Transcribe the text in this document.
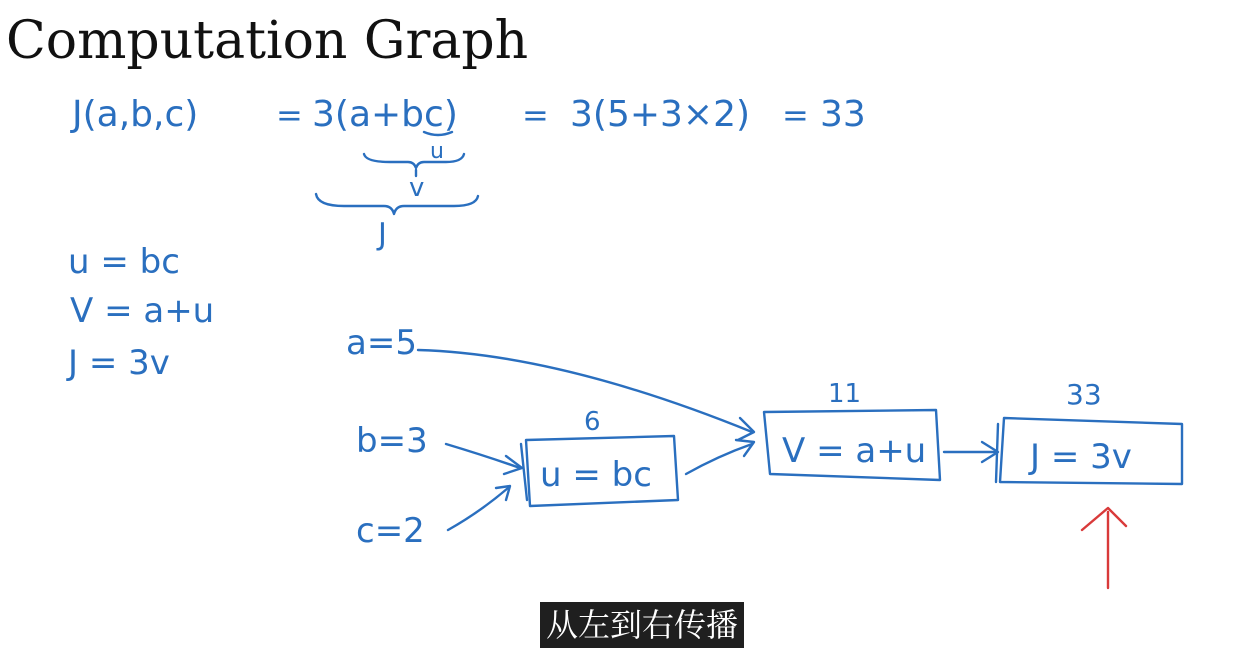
Computation Graph
J(a,b,c) = 3(a+bc) = 3(5+3×2) = 33
u
v
J
u = bc
V = a+u
J = 3v	a=5
b=3
c=2
6
u = bc
11
V = a+u
33
J = 3v
从左到右传播
